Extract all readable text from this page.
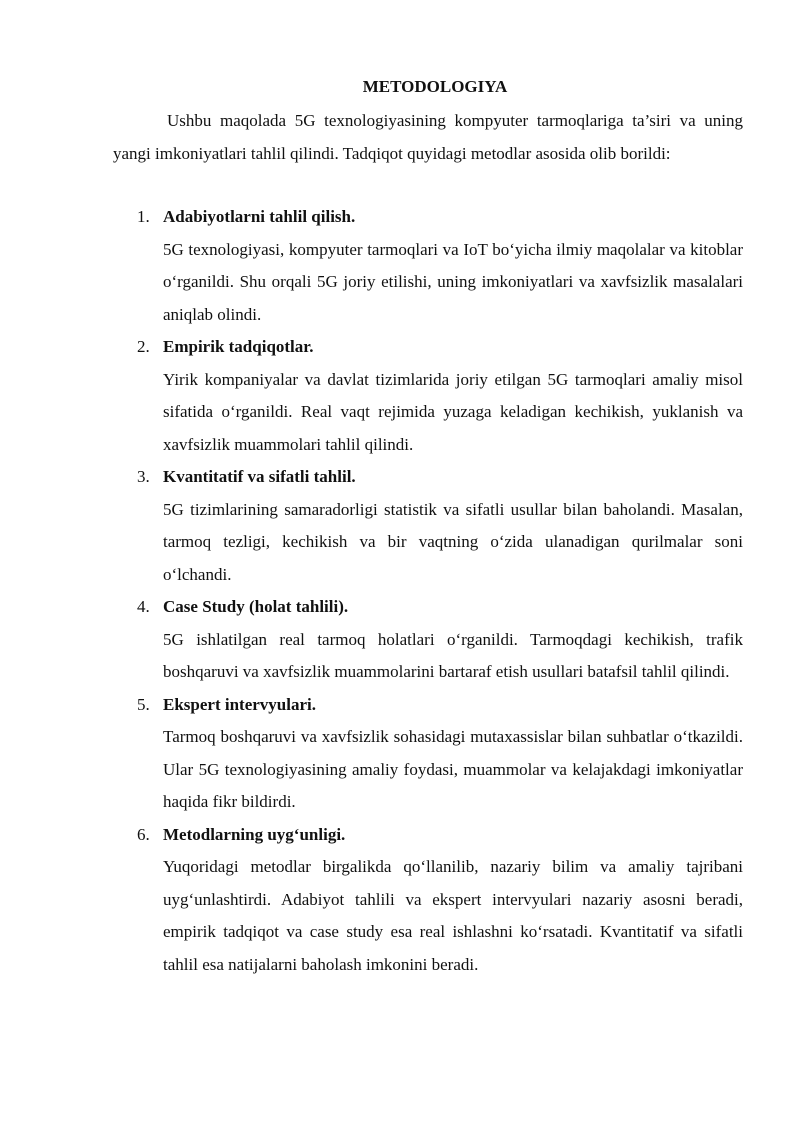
METODOLOGIYA
Ushbu maqolada 5G texnologiyasining kompyuter tarmoqlariga ta’siri va uning yangi imkoniyatlari tahlil qilindi. Tadqiqot quyidagi metodlar asosida olib borildi:
1. Adabiyotlarni tahlil qilish.
5G texnologiyasi, kompyuter tarmoqlari va IoT bo‘yicha ilmiy maqolalar va kitoblar o‘rganildi. Shu orqali 5G joriy etilishi, uning imkoniyatlari va xavfsizlik masalalari aniqlab olindi.
2. Empirik tadqiqotlar.
Yirik kompaniyalar va davlat tizimlarida joriy etilgan 5G tarmoqlari amaliy misol sifatida o‘rganildi. Real vaqt rejimida yuzaga keladigan kechikish, yuklanish va xavfsizlik muammolari tahlil qilindi.
3. Kvantitatif va sifatli tahlil.
5G tizimlarining samaradorligi statistik va sifatli usullar bilan baholandi. Masalan, tarmoq tezligi, kechikish va bir vaqtning o‘zida ulanadigan qurilmalar soni o‘lchandi.
4. Case Study (holat tahlili).
5G ishlatilgan real tarmoq holatlari o‘rganildi. Tarmoqdagi kechikish, trafik boshqaruvi va xavfsizlik muammolarini bartaraf etish usullari batafsil tahlil qilindi.
5. Ekspert intervyulari.
Tarmoq boshqaruvi va xavfsizlik sohasidagi mutaxassislar bilan suhbatlar o‘tkazildi. Ular 5G texnologiyasining amaliy foydasi, muammolar va kelajakdagi imkoniyatlar haqida fikr bildirdi.
6. Metodlarning uyg‘unligi.
Yuqoridagi metodlar birgalikda qo‘llanilib, nazariy bilim va amaliy tajribani uyg‘unlashtirdi. Adabiyot tahlili va ekspert intervyulari nazariy asosni beradi, empirik tadqiqot va case study esa real ishlashni ko‘rsatadi. Kvantitatif va sifatli tahlil esa natijalarni baholash imkonini beradi.
